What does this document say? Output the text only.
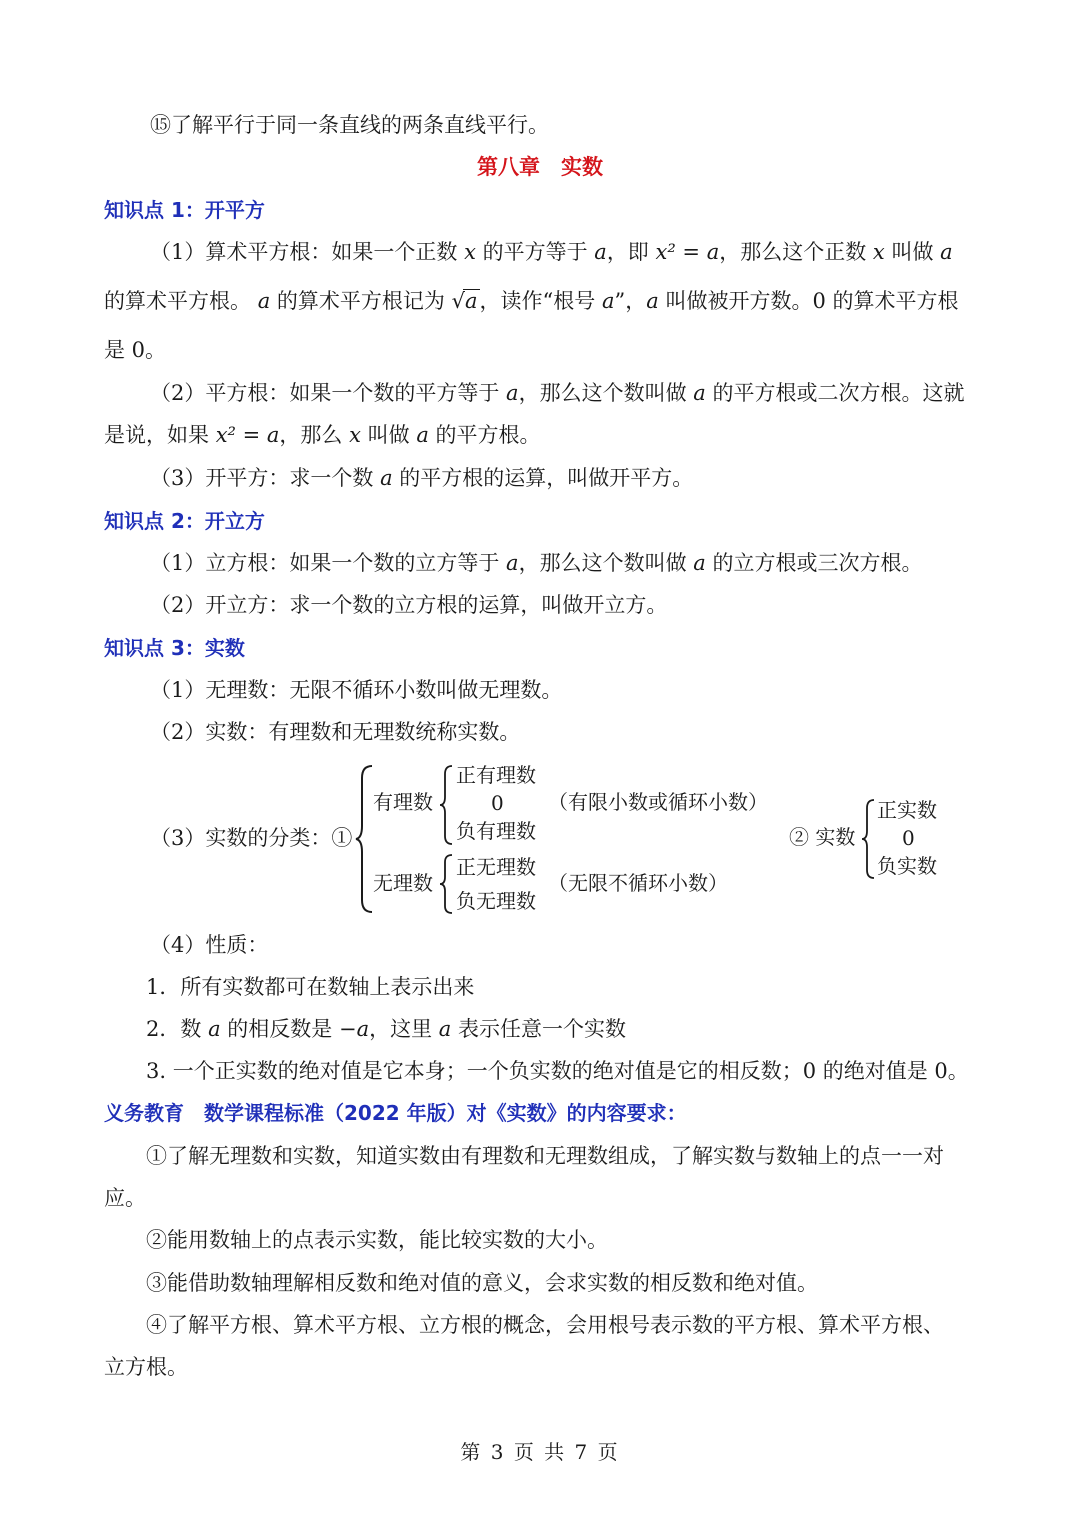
⑮了解平行于同一条直线的两条直线平行。
第八章　实数
知识点 1：开平方
（1）算术平方根：如果一个正数 x 的平方等于 a，即 x² = a，那么这个正数 x 叫做 a
的算术平方根。 a 的算术平方根记为 √a，读作“根号 a”，a 叫做被开方数。0 的算术平方根
是 0。
（2）平方根：如果一个数的平方等于 a，那么这个数叫做 a 的平方根或二次方根。这就
是说，如果 x² = a，那么 x 叫做 a 的平方根。
（3）开平方：求一个数 a 的平方根的运算，叫做开平方。
知识点 2：开立方
（1）立方根：如果一个数的立方等于 a，那么这个数叫做 a 的立方根或三次方根。
（2）开立方：求一个数的立方根的运算，叫做开立方。
知识点 3：实数
（1）无理数：无限不循环小数叫做无理数。
（2）实数：有理数和无理数统称实数。
（3）实数的分类：①
有理数
正有理数
0
负有理数
（有限小数或循环小数）
无理数
正无理数
负无理数
（无限不循环小数）
② 实数
正实数
0
负实数
（4）性质：
1．所有实数都可在数轴上表示出来
2．数 a 的相反数是 −a，这里 a 表示任意一个实数
3. 一个正实数的绝对值是它本身；一个负实数的绝对值是它的相反数；0 的绝对值是 0。
义务教育　数学课程标准（2022 年版）对《实数》的内容要求：
①了解无理数和实数，知道实数由有理数和无理数组成，了解实数与数轴上的点一一对
应。
②能用数轴上的点表示实数，能比较实数的大小。
③能借助数轴理解相反数和绝对值的意义，会求实数的相反数和绝对值。
④了解平方根、算术平方根、立方根的概念，会用根号表示数的平方根、算术平方根、
立方根。
第 3 页 共 7 页
